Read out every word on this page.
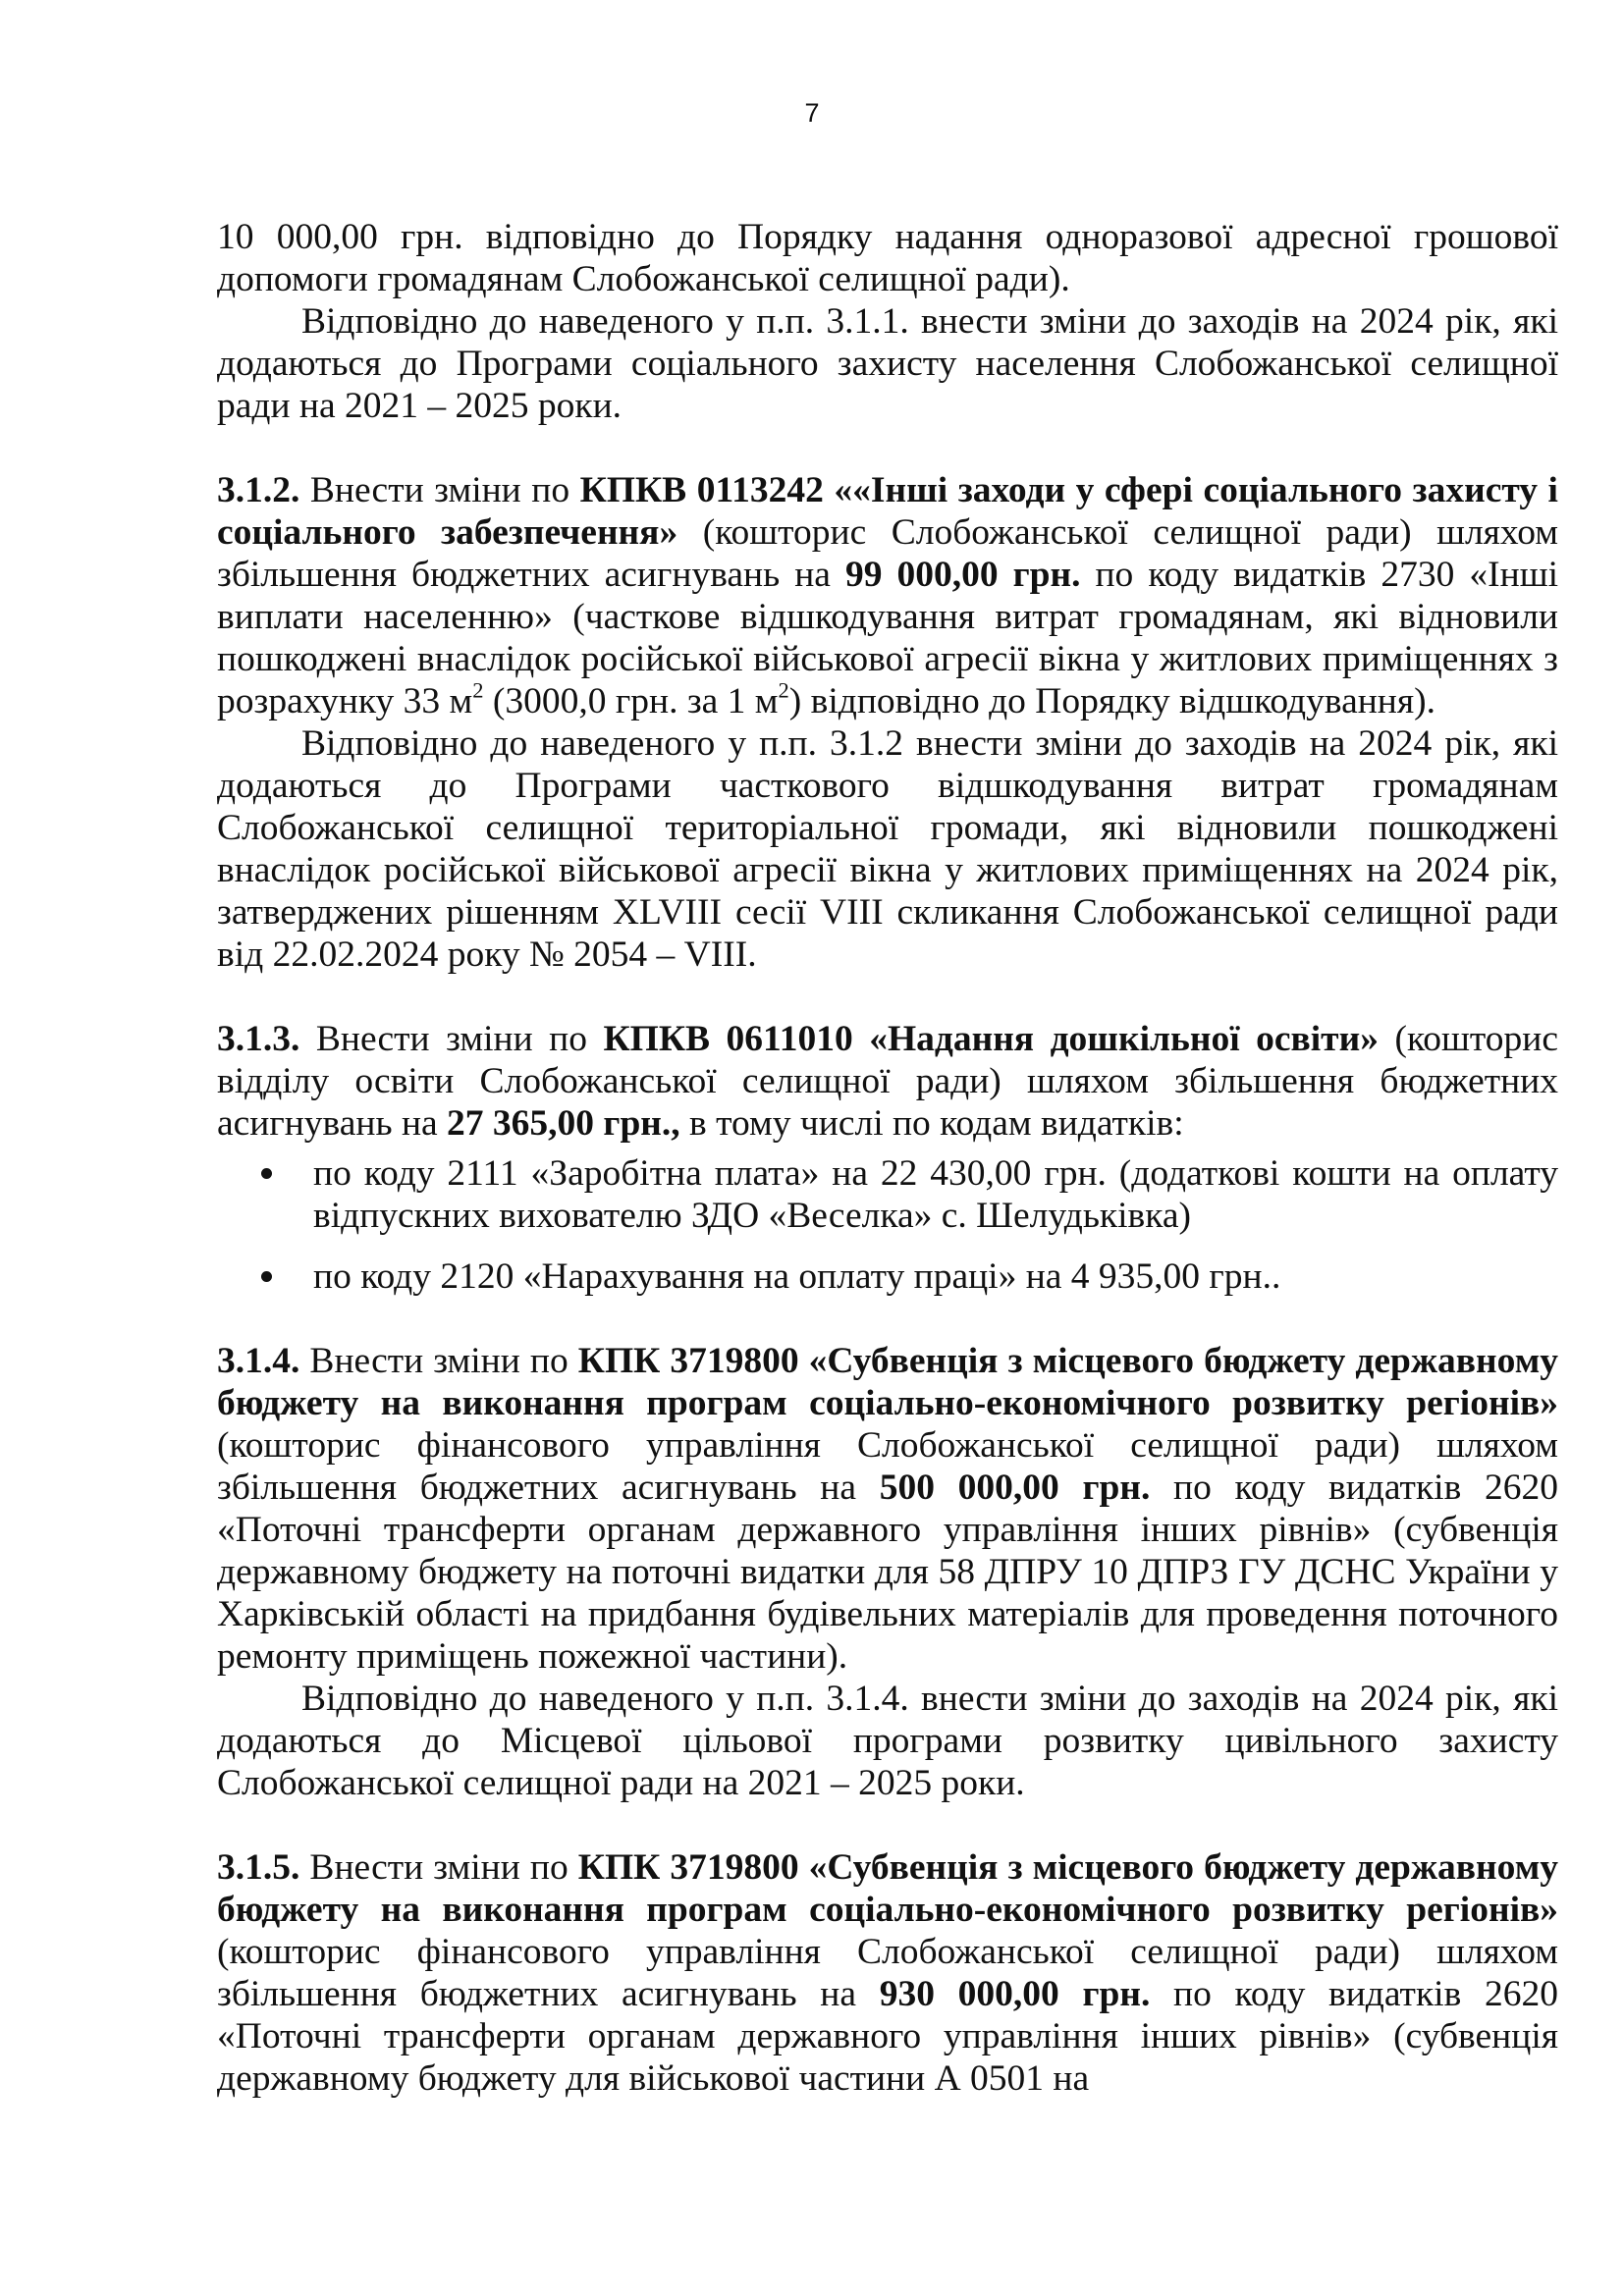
7

10 000,00 грн. відповідно до Порядку надання одноразової адресної грошової допомоги громадянам Слобожанської селищної ради).

Відповідно до наведеного у п.п. 3.1.1. внести зміни до заходів на 2024 рік, які додаються до Програми соціального захисту населення Слобожанської селищної ради на 2021 – 2025 роки.

3.1.2. Внести зміни по КПКВ 0113242 ««Інші заходи у сфері соціального захисту і соціального забезпечення» (кошторис Слобожанської селищної ради) шляхом збільшення бюджетних асигнувань на 99 000,00 грн. по коду видатків 2730 «Інші виплати населенню» (часткове відшкодування витрат громадянам, які відновили пошкоджені внаслідок російської військової агресії вікна у житлових приміщеннях з розрахунку 33 $м^2$ (3000,0 грн. за 1 $м^2$) відповідно до Порядку відшкодування).

Відповідно до наведеного у п.п. 3.1.2 внести зміни до заходів на 2024 рік, які додаються до Програми часткового відшкодування витрат громадянам Слобожанської селищної територіальної громади, які відновили пошкоджені внаслідок російської військової агресії вікна у житлових приміщеннях на 2024 рік, затверджених рішенням XLVIII сесії VIII скликання Слобожанської селищної ради від 22.02.2024 року № 2054 – VIII.

3.1.3. Внести зміни по КПКВ 0611010 «Надання дошкільної освіти» (кошторис відділу освіти Слобожанської селищної ради) шляхом збільшення бюджетних асигнувань на 27 365,00 грн., в тому числі по кодам видатків:

по коду 2111 «Заробітна плата» на 22 430,00 грн. (додаткові кошти на оплату відпускних вихователю ЗДО «Веселка» с. Шелудьківка)
по коду 2120 «Нарахування на оплату праці» на 4 935,00 грн..

3.1.4. Внести зміни по КПК 3719800 «Субвенція з місцевого бюджету державному бюджету на виконання програм соціально-економічного розвитку регіонів» (кошторис фінансового управління Слобожанської селищної ради) шляхом збільшення бюджетних асигнувань на 500 000,00 грн. по коду видатків 2620 «Поточні трансферти органам державного управління інших рівнів» (субвенція державному бюджету на поточні видатки для 58 ДПРУ 10 ДПРЗ ГУ ДСНС України у Харківській області на придбання будівельних матеріалів для проведення поточного ремонту приміщень пожежної частини).

Відповідно до наведеного у п.п. 3.1.4. внести зміни до заходів на 2024 рік, які додаються до Місцевої цільової програми розвитку цивільного захисту Слобожанської селищної ради на 2021 – 2025 роки.

3.1.5. Внести зміни по КПК 3719800 «Субвенція з місцевого бюджету державному бюджету на виконання програм соціально-економічного розвитку регіонів» (кошторис фінансового управління Слобожанської селищної ради) шляхом збільшення бюджетних асигнувань на 930 000,00 грн. по коду видатків 2620 «Поточні трансферти органам державного управління інших рівнів» (субвенція державному бюджету для військової частини А 0501 на
